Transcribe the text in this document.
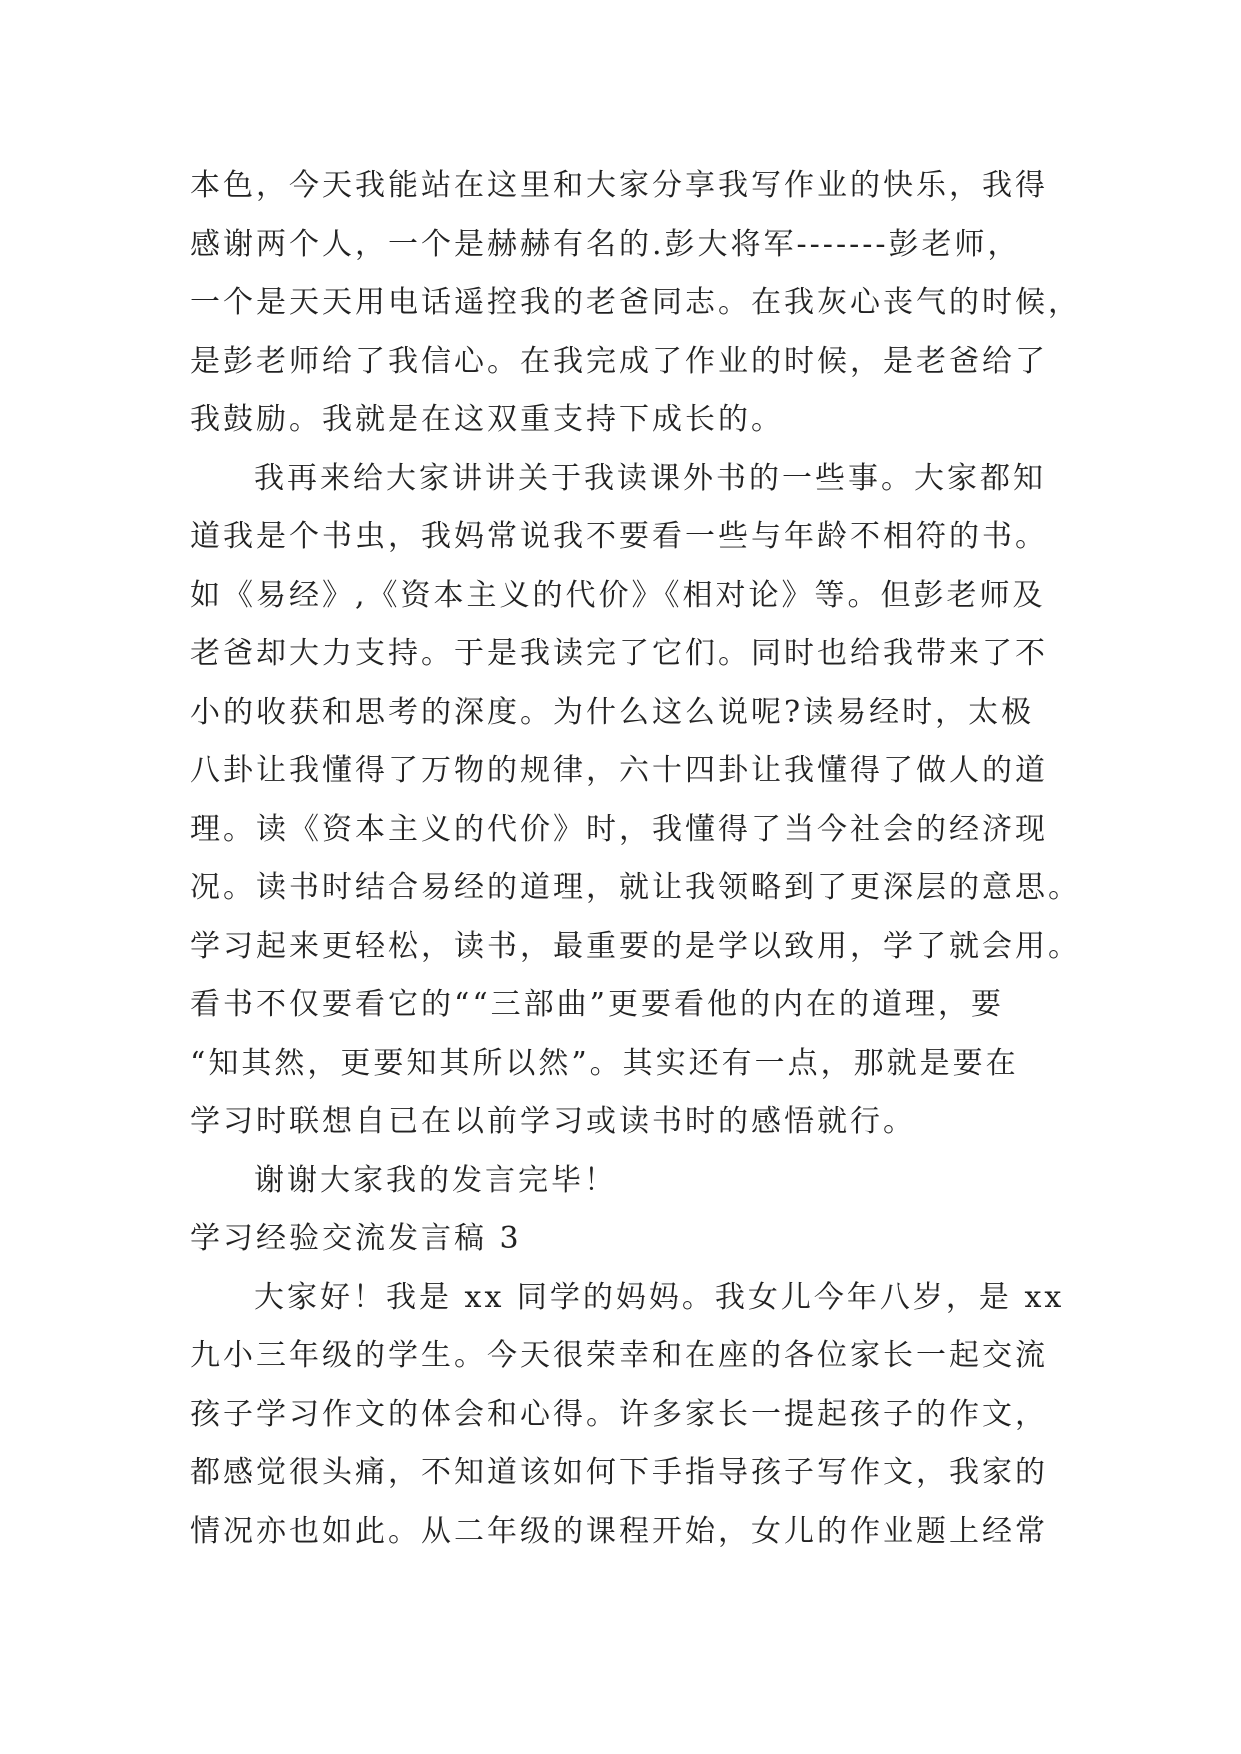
本色，今天我能站在这里和大家分享我写作业的快乐，我得
感谢两个人，一个是赫赫有名的.彭大将军-------彭老师，
一个是天天用电话遥控我的老爸同志。在我灰心丧气的时候，
是彭老师给了我信心。在我完成了作业的时候，是老爸给了
我鼓励。我就是在这双重支持下成长的。
我再来给大家讲讲关于我读课外书的一些事。大家都知
道我是个书虫，我妈常说我不要看一些与年龄不相符的书。
如《易经》,《资本主义的代价》《相对论》等。但彭老师及
老爸却大力支持。于是我读完了它们。同时也给我带来了不
小的收获和思考的深度。为什么这么说呢?读易经时，太极
八卦让我懂得了万物的规律，六十四卦让我懂得了做人的道
理。读《资本主义的代价》时，我懂得了当今社会的经济现
况。读书时结合易经的道理，就让我领略到了更深层的意思。
学习起来更轻松，读书，最重要的是学以致用，学了就会用。
看书不仅要看它的““三部曲”更要看他的内在的道理，要
“知其然，更要知其所以然”。其实还有一点，那就是要在
学习时联想自已在以前学习或读书时的感悟就行。
谢谢大家我的发言完毕！
学习经验交流发言稿 3
大家好！我是 xx 同学的妈妈。我女儿今年八岁，是 xx
九小三年级的学生。今天很荣幸和在座的各位家长一起交流
孩子学习作文的体会和心得。许多家长一提起孩子的作文，
都感觉很头痛，不知道该如何下手指导孩子写作文，我家的
情况亦也如此。从二年级的课程开始，女儿的作业题上经常
